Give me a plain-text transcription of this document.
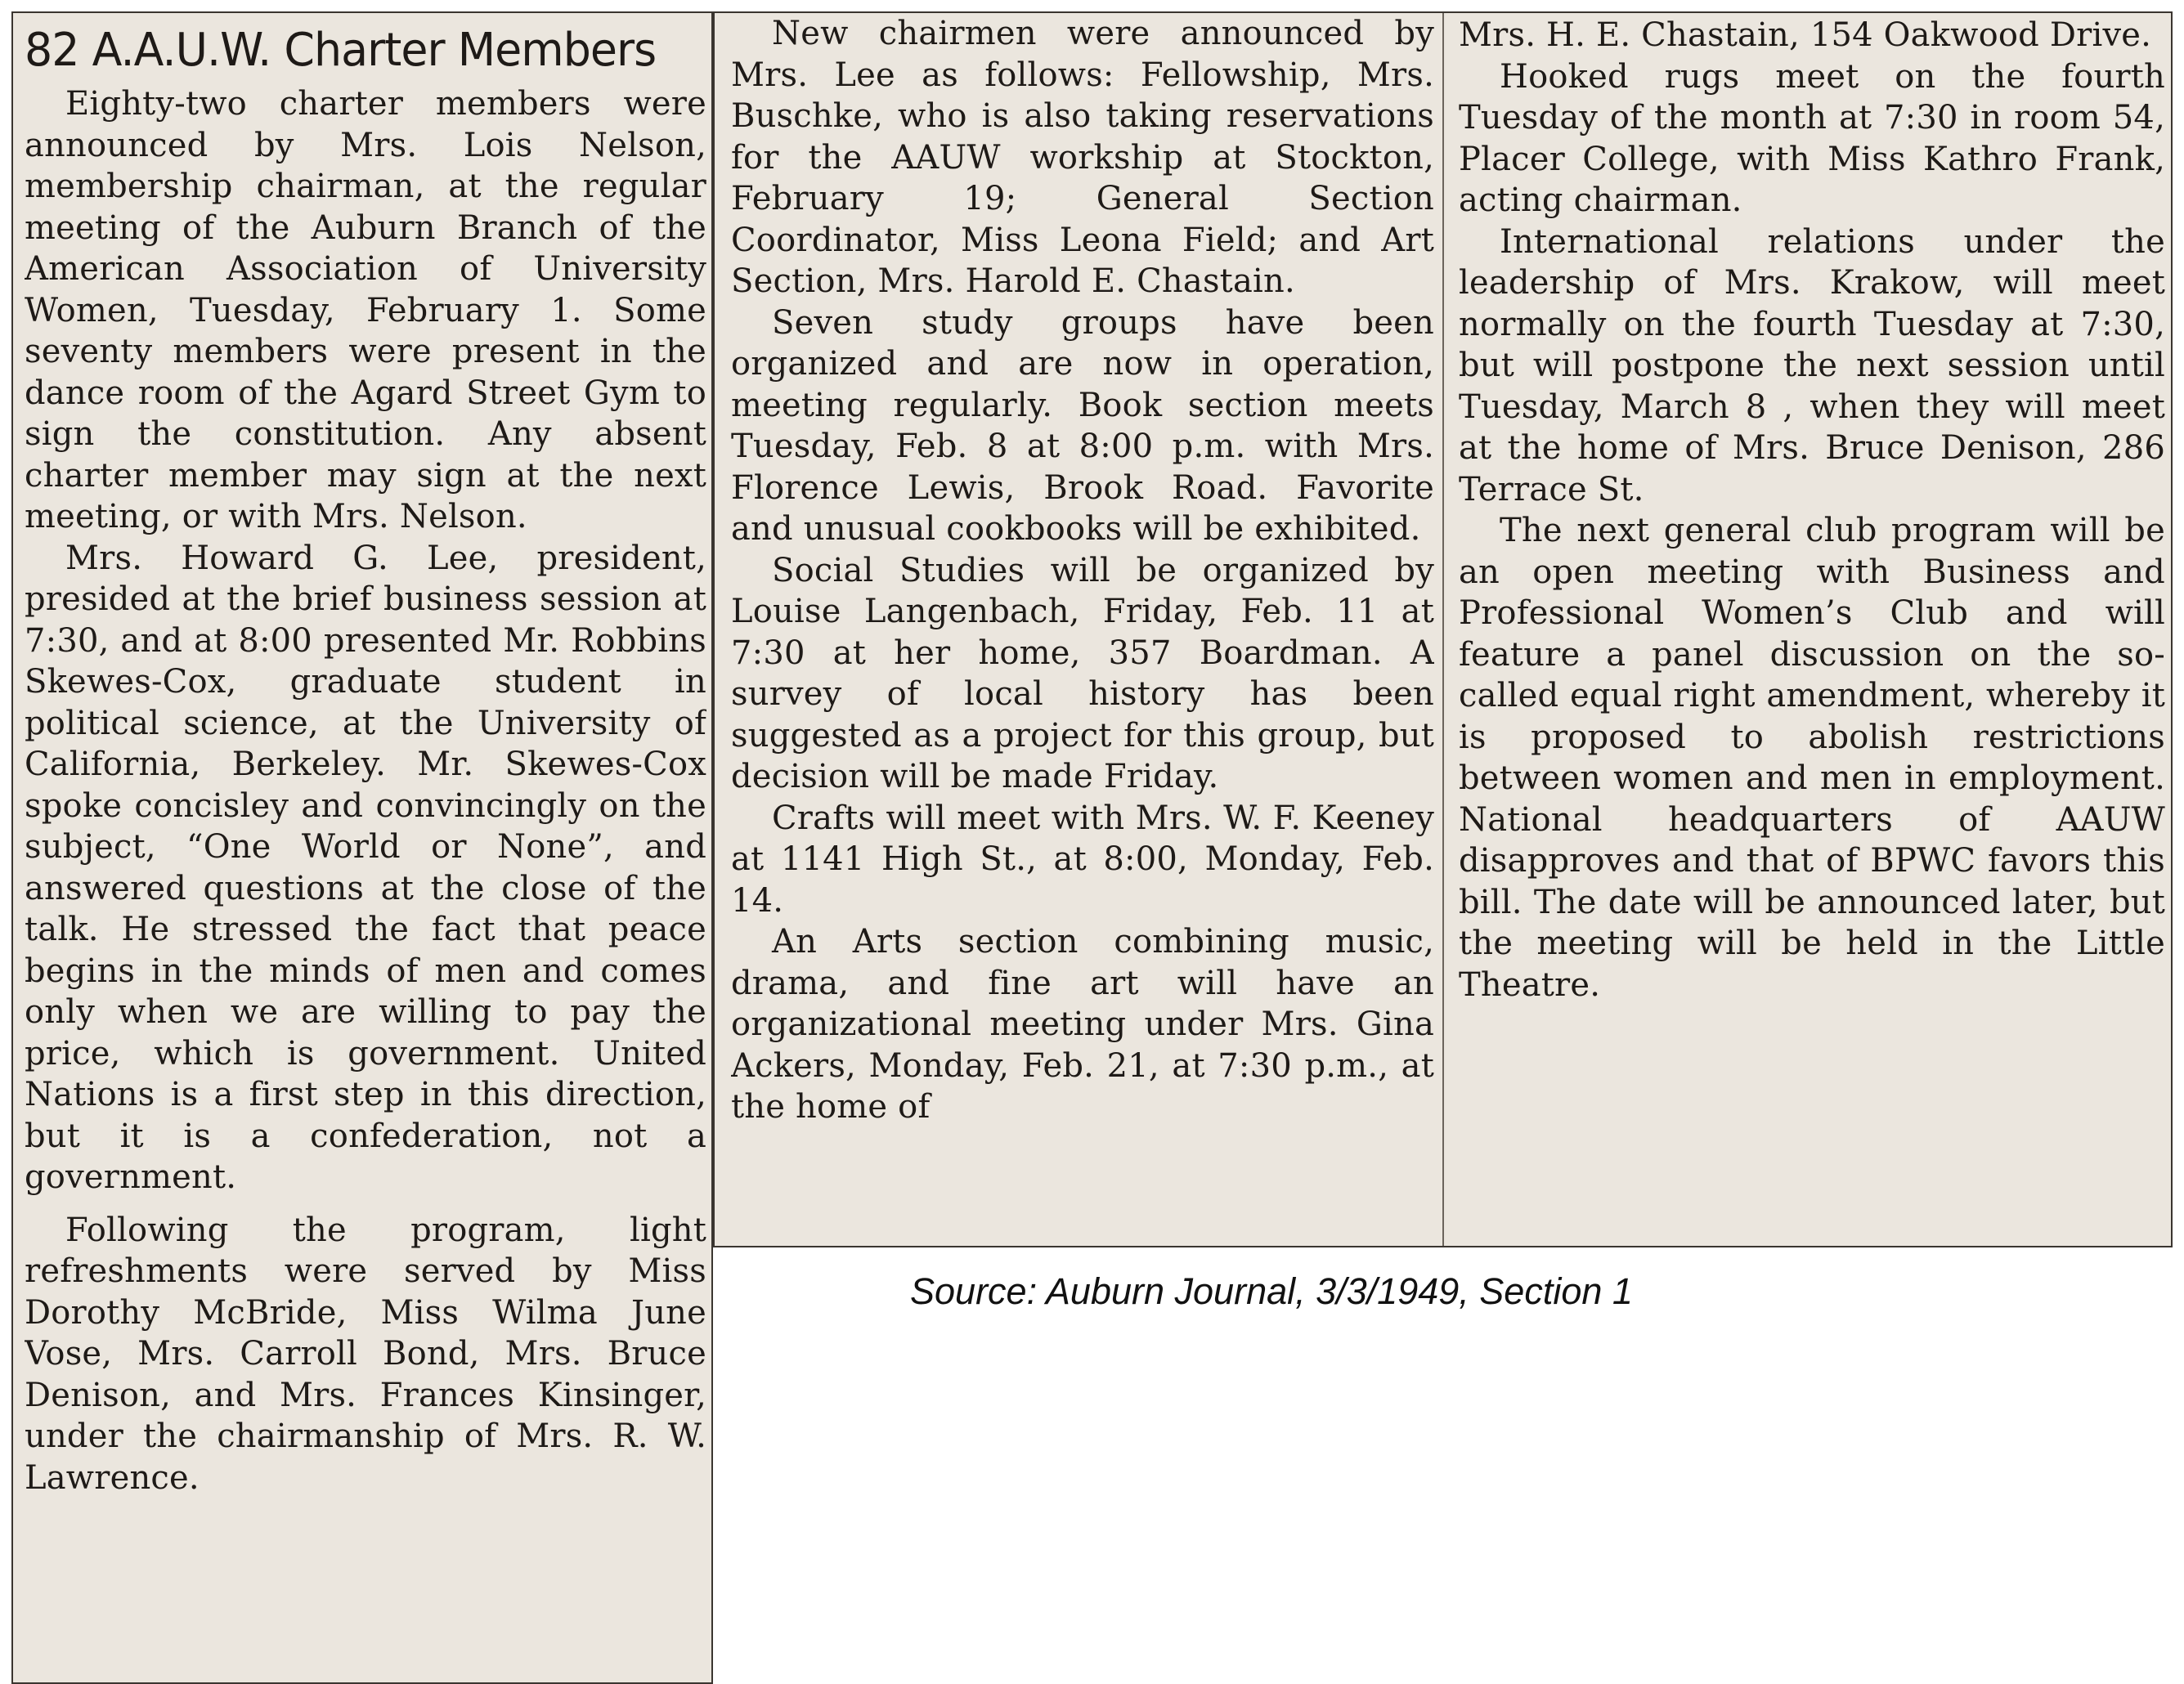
82 A.A.U.W. Charter Members

Eighty-two charter members were announced by Mrs. Lois Nelson, membership chairman, at the regular meeting of the Auburn Branch of the American Association of University Women, Tuesday, February 1. Some seventy members were present in the dance room of the Agard Street Gym to sign the constitution. Any absent charter member may sign at the next meeting, or with Mrs. Nelson.

Mrs. Howard G. Lee, president, presided at the brief business session at 7:30, and at 8:00 presented Mr. Robbins Skewes-Cox, graduate student in political science, at the University of California, Berkeley. Mr. Skewes-Cox spoke concisley and convincingly on the subject, “One World or None”, and answered questions at the close of the talk. He stressed the fact that peace begins in the minds of men and comes only when we are willing to pay the price, which is government. United Nations is a first step in this direction, but it is a confederation, not a government.

Following the program, light refreshments were served by Miss Dorothy McBride, Miss Wilma June Vose, Mrs. Carroll Bond, Mrs. Bruce Denison, and Mrs. Frances Kinsinger, under the chairmanship of Mrs. R. W. Lawrence.

New chairmen were announced by Mrs. Lee as follows: Fellowship, Mrs. Buschke, who is also taking reservations for the AAUW workship at Stockton, February 19; General Section Coordinator, Miss Leona Field; and Art Section, Mrs. Harold E. Chastain.

Seven study groups have been organized and are now in operation, meeting regularly. Book section meets Tuesday, Feb. 8 at 8:00 p.m. with Mrs. Florence Lewis, Brook Road. Favorite and unusual cookbooks will be exhibited.

Social Studies will be organized by Louise Langenbach, Friday, Feb. 11 at 7:30 at her home, 357 Boardman. A survey of local history has been suggested as a project for this group, but decision will be made Friday.

Crafts will meet with Mrs. W. F. Keeney at 1141 High St., at 8:00, Monday, Feb. 14.

An Arts section combining music, drama, and fine art will have an organizational meeting under Mrs. Gina Ackers, Monday, Feb. 21, at 7:30 p.m., at the home of

Mrs. H. E. Chastain, 154 Oakwood Drive.

Hooked rugs meet on the fourth Tuesday of the month at 7:30 in room 54, Placer College, with Miss Kathro Frank, acting chairman.

International relations under the leadership of Mrs. Krakow, will meet normally on the fourth Tuesday at 7:30, but will postpone the next session until Tuesday, March 8 , when they will meet at the home of Mrs. Bruce Denison, 286 Terrace St.

The next general club program will be an open meeting with Business and Professional Women’s Club and will feature a panel discussion on the so-called equal right amendment, whereby it is proposed to abolish restrictions between women and men in employment. National headquarters of AAUW disapproves and that of BPWC favors this bill. The date will be announced later, but the meeting will be held in the Little Theatre.

Source: Auburn Journal, 3/3/1949, Section 1
